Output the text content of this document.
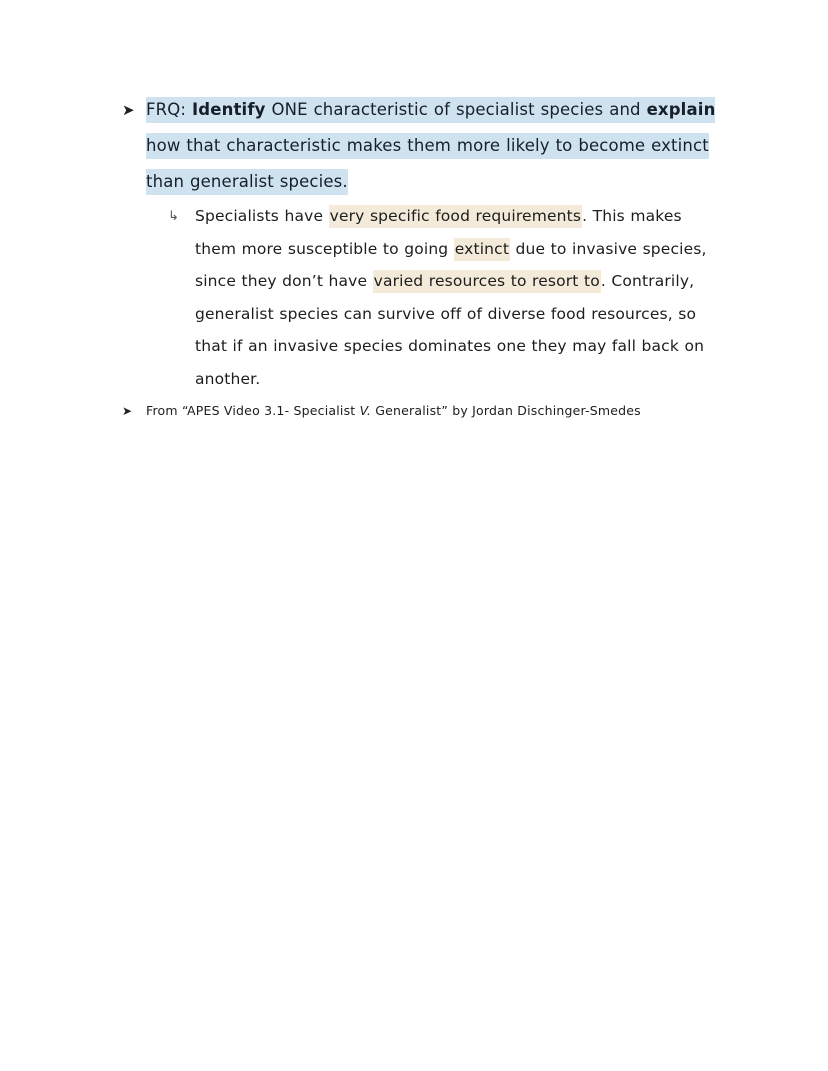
➤ FRQ: Identify ONE characteristic of specialist species and explain how that characteristic makes them more likely to become extinct than generalist species.
↳	Specialists have very specific food requirements. This makes them more susceptible to going extinct due to invasive species, since they don’t have varied resources to resort to. Contrarily, generalist species can survive off of diverse food resources, so that if an invasive species dominates one they may fall back on another.
➤	From “APES Video 3.1- Specialist V. Generalist” by Jordan Dischinger-Smedes
